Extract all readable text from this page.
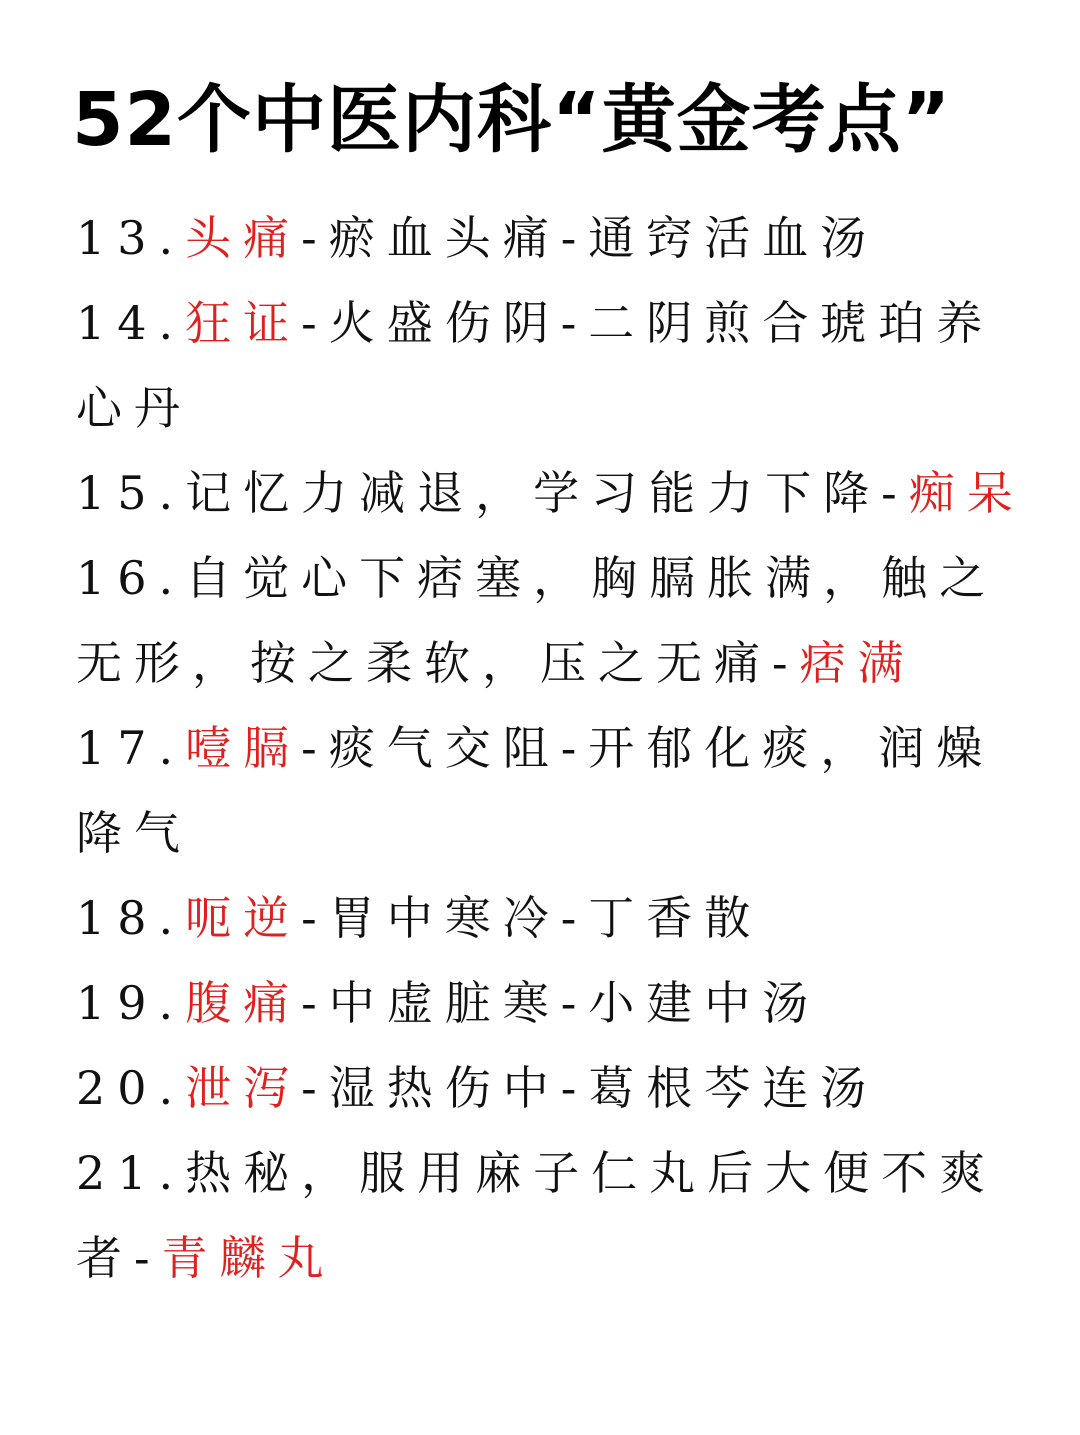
52个中医内科“黄金考点”

13.头痛-瘀血头痛-通窍活血汤

14.狂证-火盛伤阴-二阴煎合琥珀养心丹

15.记忆力减退，学习能力下降-痴呆

16.自觉心下痞塞，胸膈胀满，触之无形，按之柔软，压之无痛-痞满

17.噎膈-痰气交阻-开郁化痰，润燥降气

18.呃逆-胃中寒冷-丁香散

19.腹痛-中虚脏寒-小建中汤

20.泄泻-湿热伤中-葛根芩连汤

21.热秘，服用麻子仁丸后大便不爽者-青麟丸
